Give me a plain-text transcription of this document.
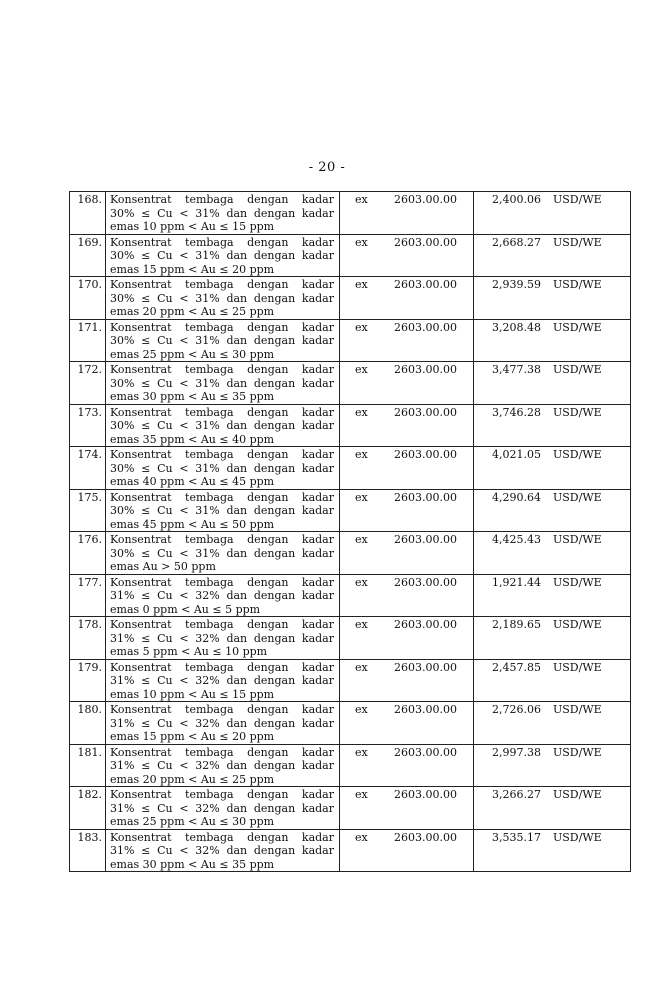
- 20 -
168.	Konsentrat tembaga dengan kadar
30% ≤ Cu < 31% dan dengan kadar
emas 10 ppm < Au ≤ 15 ppm	ex 2603.00.00	2,400.06 USD/WE

169.	Konsentrat tembaga dengan kadar
30% ≤ Cu < 31% dan dengan kadar
emas 15 ppm < Au ≤ 20 ppm	ex 2603.00.00	2,668.27 USD/WE

170.	Konsentrat tembaga dengan kadar
30% ≤ Cu < 31% dan dengan kadar
emas 20 ppm < Au ≤ 25 ppm	ex 2603.00.00	2,939.59 USD/WE

171.	Konsentrat tembaga dengan kadar
30% ≤ Cu < 31% dan dengan kadar
emas 25 ppm < Au ≤ 30 ppm	ex 2603.00.00	3,208.48 USD/WE

172.	Konsentrat tembaga dengan kadar
30% ≤ Cu < 31% dan dengan kadar
emas 30 ppm < Au ≤ 35 ppm	ex 2603.00.00	3,477.38 USD/WE

173.	Konsentrat tembaga dengan kadar
30% ≤ Cu < 31% dan dengan kadar
emas 35 ppm < Au ≤ 40 ppm	ex 2603.00.00	3,746.28 USD/WE

174.	Konsentrat tembaga dengan kadar
30% ≤ Cu < 31% dan dengan kadar
emas 40 ppm < Au ≤ 45 ppm	ex 2603.00.00	4,021.05 USD/WE

175.	Konsentrat tembaga dengan kadar
30% ≤ Cu < 31% dan dengan kadar
emas 45 ppm < Au ≤ 50 ppm	ex 2603.00.00	4,290.64 USD/WE

176.	Konsentrat tembaga dengan kadar
30% ≤ Cu < 31% dan dengan kadar
emas Au > 50 ppm	ex 2603.00.00	4,425.43 USD/WE

177.	Konsentrat tembaga dengan kadar
31% ≤ Cu < 32% dan dengan kadar
emas 0 ppm < Au ≤ 5 ppm	ex 2603.00.00	1,921.44 USD/WE

178.	Konsentrat tembaga dengan kadar
31% ≤ Cu < 32% dan dengan kadar
emas 5 ppm < Au ≤ 10 ppm	ex 2603.00.00	2,189.65 USD/WE

179.	Konsentrat tembaga dengan kadar
31% ≤ Cu < 32% dan dengan kadar
emas 10 ppm < Au ≤ 15 ppm	ex 2603.00.00	2,457.85 USD/WE

180.	Konsentrat tembaga dengan kadar
31% ≤ Cu < 32% dan dengan kadar
emas 15 ppm < Au ≤ 20 ppm	ex 2603.00.00	2,726.06 USD/WE

181.	Konsentrat tembaga dengan kadar
31% ≤ Cu < 32% dan dengan kadar
emas 20 ppm < Au ≤ 25 ppm	ex 2603.00.00	2,997.38 USD/WE

182.	Konsentrat tembaga dengan kadar
31% ≤ Cu < 32% dan dengan kadar
emas 25 ppm < Au ≤ 30 ppm	ex 2603.00.00	3,266.27 USD/WE

183.	Konsentrat tembaga dengan kadar
31% ≤ Cu < 32% dan dengan kadar
emas 30 ppm < Au ≤ 35 ppm	ex 2603.00.00	3,535.17 USD/WE
